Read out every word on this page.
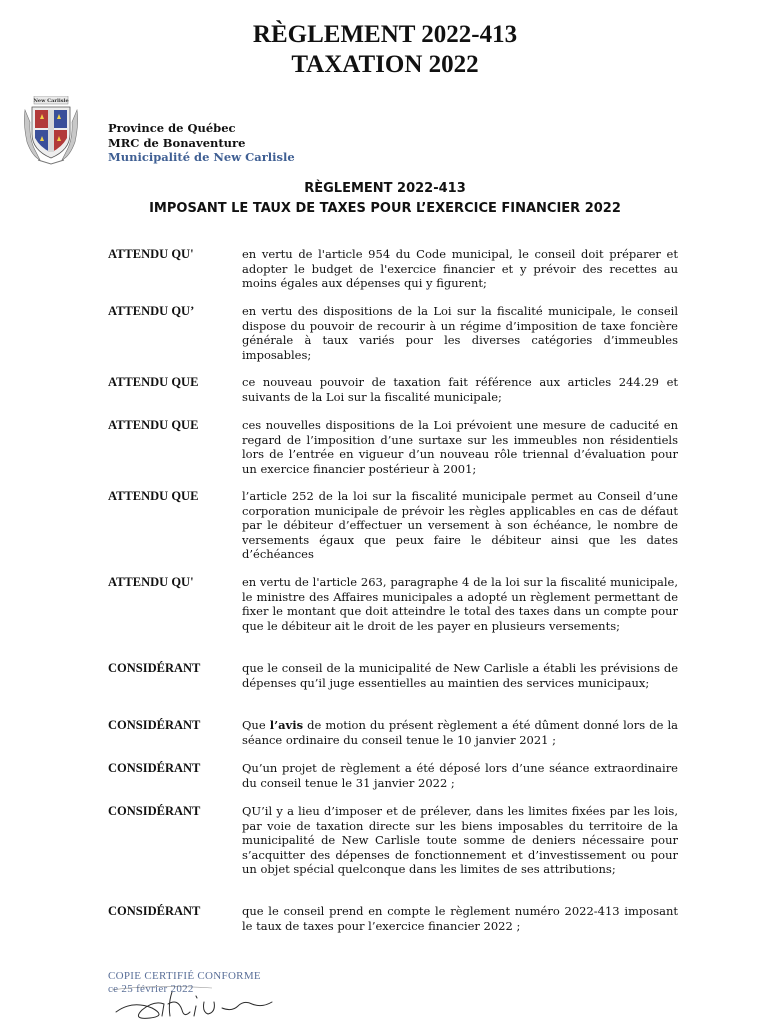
RÈGLEMENT 2022-413
TAXATION 2022
New Carlisle
Province de Québec
MRC de Bonaventure
Municipalité de New Carlisle
RÈGLEMENT 2022-413
IMPOSANT LE TAUX DE TAXES POUR L’EXERCICE FINANCIER 2022
ATTENDU QU'	en vertu de l'article 954 du Code municipal, le conseil doit préparer et adopter le budget de l'exercice financier et y prévoir des recettes au moins égales aux dépenses qui y figurent;
ATTENDU QU’	en vertu des dispositions de la Loi sur la fiscalité municipale, le conseil dispose du pouvoir de recourir à un régime d’imposition de taxe foncière générale à taux variés pour les diverses catégories d’immeubles imposables;
ATTENDU QUE	ce nouveau pouvoir de taxation fait référence aux articles 244.29 et suivants de la Loi sur la fiscalité municipale;
ATTENDU QUE	ces nouvelles dispositions de la Loi prévoient une mesure de caducité en regard de l’imposition d’une surtaxe sur les immeubles non résidentiels lors de l’entrée en vigueur d’un nouveau rôle triennal d’évaluation pour un exercice financier postérieur à 2001;
ATTENDU QUE	l’article 252 de la loi sur la fiscalité municipale permet au Conseil d’une corporation municipale de prévoir les règles applicables en cas de défaut par le débiteur d’effectuer un versement à son échéance, le nombre de versements égaux que peux faire le débiteur ainsi que les dates d’échéances
ATTENDU QU'	en vertu de l'article 263, paragraphe 4 de la loi sur la fiscalité municipale, le ministre des Affaires municipales a adopté un règlement permettant de fixer le montant que doit atteindre le total des taxes dans un compte pour que le débiteur ait le droit de les payer en plusieurs versements;
CONSIDÉRANT	que le conseil de la municipalité de New Carlisle a établi les prévisions de dépenses qu’il juge essentielles au maintien des services municipaux;
CONSIDÉRANT	Que l’avis de motion du présent règlement a été dûment donné lors de la séance ordinaire du conseil tenue le 10 janvier 2021 ;
CONSIDÉRANT	Qu’un projet de règlement a été déposé lors d’une séance extraordinaire du conseil tenue le 31 janvier 2022 ;
CONSIDÉRANT	QU’il y a lieu d’imposer et de prélever, dans les limites fixées par les lois, par voie de taxation directe sur les biens imposables du territoire de la municipalité de New Carlisle toute somme de deniers nécessaire pour s’acquitter des dépenses de fonctionnement et d’investissement ou pour un objet spécial quelconque dans les limites de ses attributions;
CONSIDÉRANT	que le conseil prend en compte le règlement numéro 2022-413 imposant le taux de taxes pour l’exercice financier 2022 ;
COPIE CERTIFIÉ CONFORME
ce 25 février 2022
